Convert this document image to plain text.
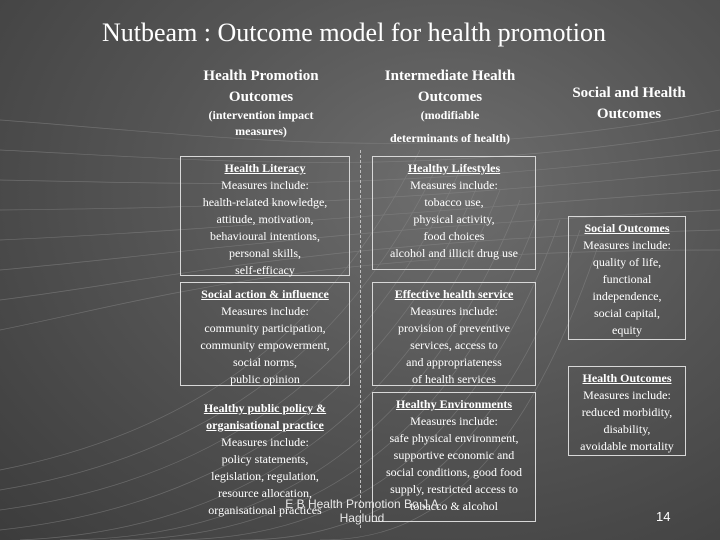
Nutbeam : Outcome model for health promotion
Health Promotion Outcomes
(intervention impact measures)
Intermediate Health Outcomes
(modifiable
determinants of health)
Social and Health Outcomes
Health Literacy
Measures include:
health-related knowledge,
attitude, motivation,
behavioural intentions,
personal skills,
self-efficacy
Social action & influence
Measures include:
community participation,
community empowerment,
social norms,
public opinion
Healthy public policy &
organisational practice
Measures include:
policy statements,
legislation, regulation,
resource allocation,
organisational practices
Healthy Lifestyles
Measures include:
tobacco use,
physical activity,
food choices
alcohol and illicit drug use
Effective health service
Measures include:
provision of preventive
services, access to
and appropriateness
of health services
Healthy Environments
Measures include:
safe physical environment,
supportive economic and
social conditions, good food
supply, restricted access to
tobacco & alcohol
Social Outcomes
Measures include:
quality of life,
functional
independence,
social capital,
equity
Health Outcomes
Measures include:
reduced morbidity,
disability,
avoidable mortality
E B Health Promotion Bo J A
Haglund	14
